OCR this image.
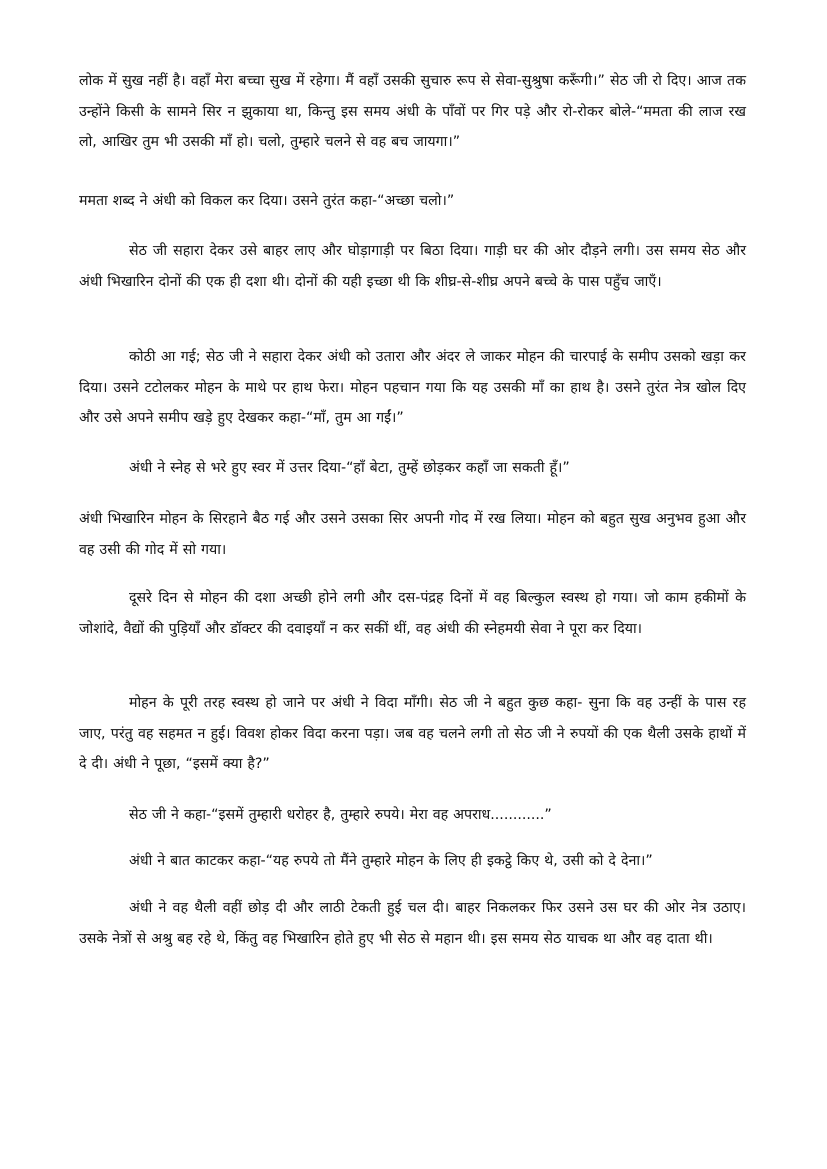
लोक में सुख नहीं है। वहाँ मेरा बच्चा सुख में रहेगा। मैं वहाँ उसकी सुचारु रूप से सेवा-सुश्रुषा करूँगी।” सेठ जी रो दिए। आज तक उन्होंने किसी के सामने सिर न झुकाया था, किन्तु इस समय अंधी के पाँवों पर गिर पड़े और रो-रोकर बोले-“ममता की लाज रख लो, आखिर तुम भी उसकी माँ हो। चलो, तुम्हारे चलने से वह बच जायगा।”

ममता शब्द ने अंधी को विकल कर दिया। उसने तुरंत कहा-“अच्छा चलो।”

सेठ जी सहारा देकर उसे बाहर लाए और घोड़ागाड़ी पर बिठा दिया। गाड़ी घर की ओर दौड़ने लगी। उस समय सेठ और अंधी भिखारिन दोनों की एक ही दशा थी। दोनों की यही इच्छा थी कि शीघ्र-से-शीघ्र अपने बच्चे के पास पहुँच जाएँ।

कोठी आ गई; सेठ जी ने सहारा देकर अंधी को उतारा और अंदर ले जाकर मोहन की चारपाई के समीप उसको खड़ा कर दिया। उसने टटोलकर मोहन के माथे पर हाथ फेरा। मोहन पहचान गया कि यह उसकी माँ का हाथ है। उसने तुरंत नेत्र खोल दिए और उसे अपने समीप खड़े हुए देखकर कहा-“माँ, तुम आ गईं।”

अंधी ने स्नेह से भरे हुए स्वर में उत्तर दिया-“हाँ बेटा, तुम्हें छोड़कर कहाँ जा सकती हूँ।”

अंधी भिखारिन मोहन के सिरहाने बैठ गई और उसने उसका सिर अपनी गोद में रख लिया। मोहन को बहुत सुख अनुभव हुआ और वह उसी की गोद में सो गया।

दूसरे दिन से मोहन की दशा अच्छी होने लगी और दस-पंद्रह दिनों में वह बिल्कुल स्वस्थ हो गया। जो काम हकीमों के जोशांदे, वैद्यों की पुड़ियाँ और डॉक्टर की दवाइयाँ न कर सकीं थीं, वह अंधी की स्नेहमयी सेवा ने पूरा कर दिया।

मोहन के पूरी तरह स्वस्थ हो जाने पर अंधी ने विदा माँगी। सेठ जी ने बहुत कुछ कहा- सुना कि वह उन्हीं के पास रह जाए, परंतु वह सहमत न हुई। विवश होकर विदा करना पड़ा। जब वह चलने लगी तो सेठ जी ने रुपयों की एक थैली उसके हाथों में दे दी। अंधी ने पूछा, “इसमें क्या है?”

सेठ जी ने कहा-“इसमें तुम्हारी धरोहर है, तुम्हारे रुपये। मेरा वह अपराध............”

अंधी ने बात काटकर कहा-“यह रुपये तो मैंने तुम्हारे मोहन के लिए ही इकट्ठे किए थे, उसी को दे देना।”

अंधी ने वह थैली वहीं छोड़ दी और लाठी टेकती हुई चल दी। बाहर निकलकर फिर उसने उस घर की ओर नेत्र उठाए। उसके नेत्रों से अश्रु बह रहे थे, किंतु वह भिखारिन होते हुए भी सेठ से महान थी। इस समय सेठ याचक था और वह दाता थी।
